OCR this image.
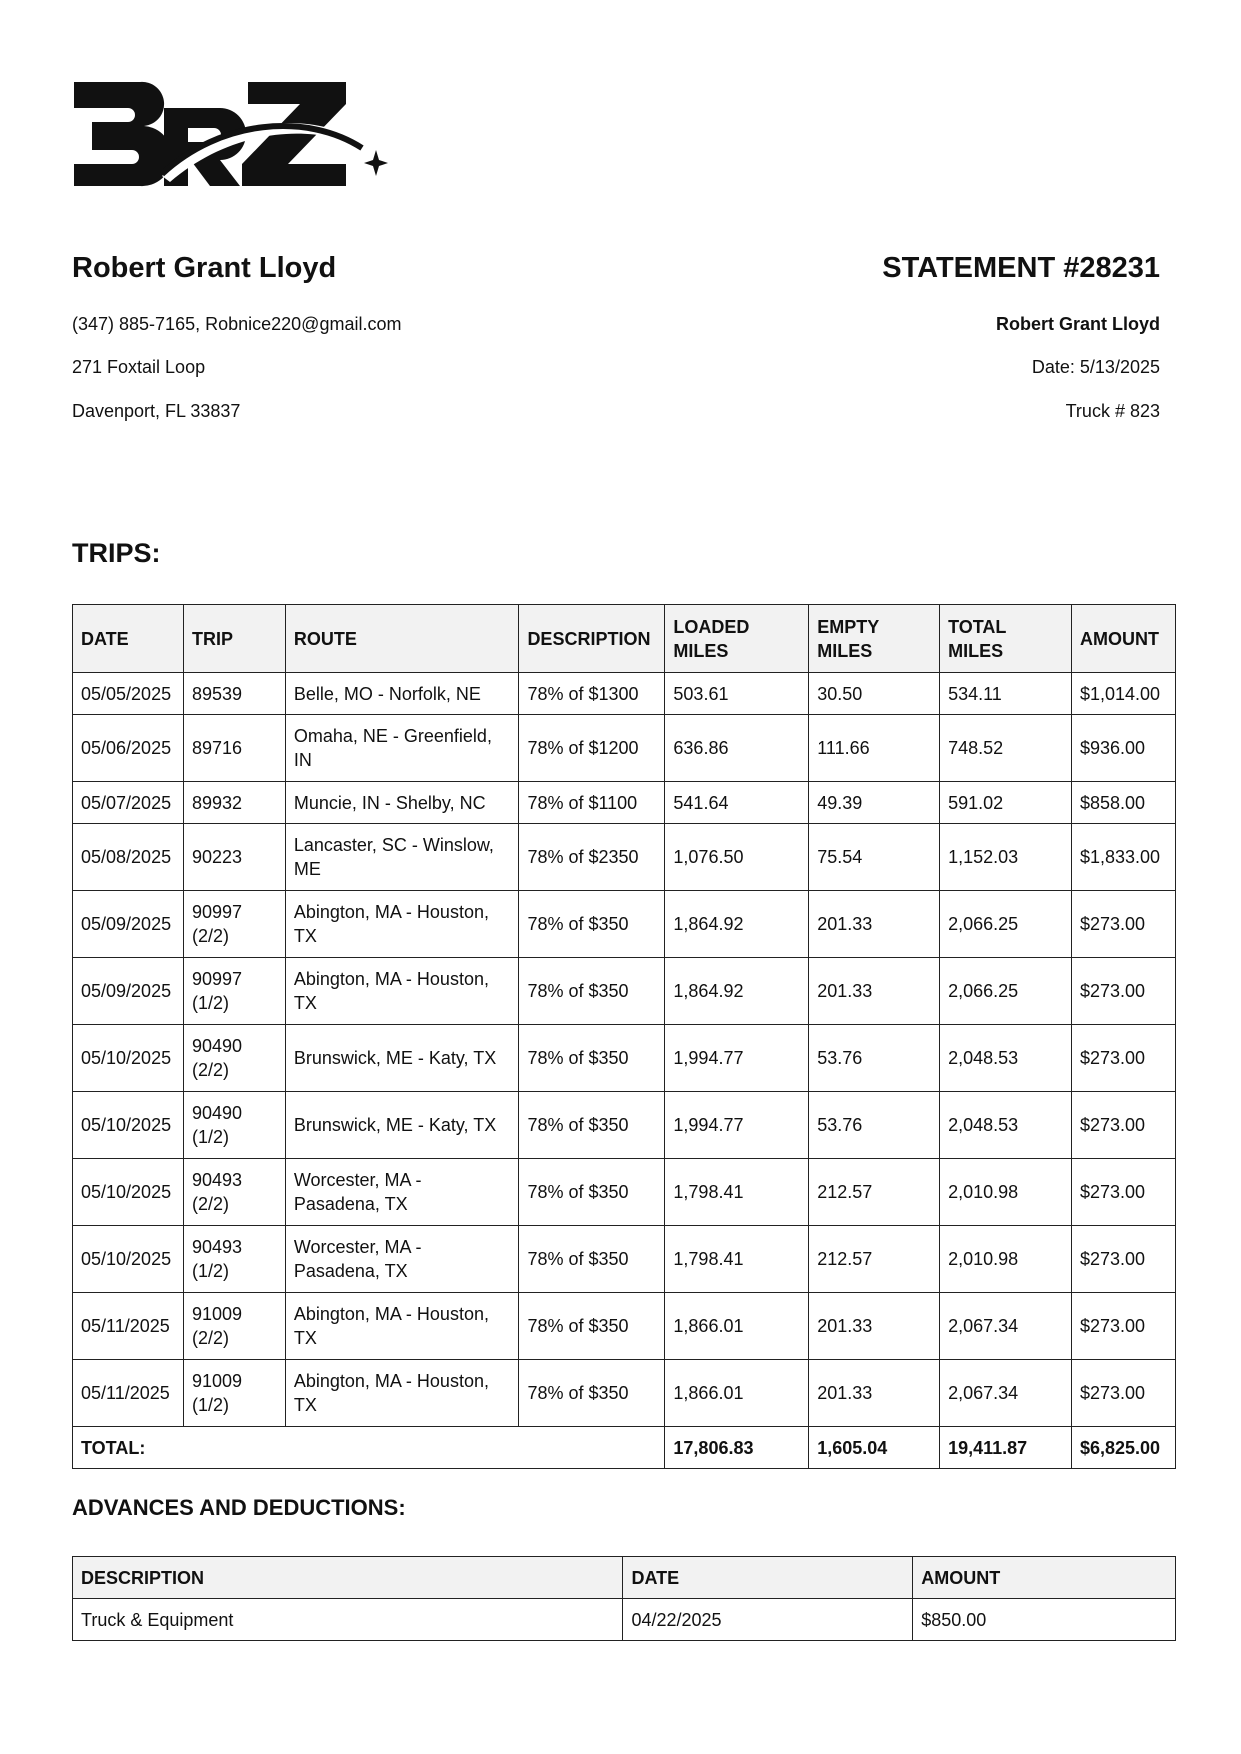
Robert Grant Lloyd	STATEMENT #28231
(347) 885-7165, Robnice220@gmail.com
271 Foxtail Loop
Davenport, FL 33837
Robert Grant Lloyd
Date: 5/13/2025
Truck # 823
TRIPS:
DATE	TRIP	ROUTE	DESCRIPTION	LOADED MILES	EMPTY MILES	TOTAL MILES	AMOUNT
05/05/2025	89539	Belle, MO - Norfolk, NE	78% of $1300	503.61	30.50	534.11	$1,014.00
05/06/2025	89716	Omaha, NE - Greenfield, IN	78% of $1200	636.86	111.66	748.52	$936.00
05/07/2025	89932	Muncie, IN - Shelby, NC	78% of $1100	541.64	49.39	591.02	$858.00
05/08/2025	90223	Lancaster, SC - Winslow, ME	78% of $2350	1,076.50	75.54	1,152.03	$1,833.00
05/09/2025	90997 (2/2)	Abington, MA - Houston, TX	78% of $350	1,864.92	201.33	2,066.25	$273.00
05/09/2025	90997 (1/2)	Abington, MA - Houston, TX	78% of $350	1,864.92	201.33	2,066.25	$273.00
05/10/2025	90490 (2/2)	Brunswick, ME - Katy, TX	78% of $350	1,994.77	53.76	2,048.53	$273.00
05/10/2025	90490 (1/2)	Brunswick, ME - Katy, TX	78% of $350	1,994.77	53.76	2,048.53	$273.00
05/10/2025	90493 (2/2)	Worcester, MA - Pasadena, TX	78% of $350	1,798.41	212.57	2,010.98	$273.00
05/10/2025	90493 (1/2)	Worcester, MA - Pasadena, TX	78% of $350	1,798.41	212.57	2,010.98	$273.00
05/11/2025	91009 (2/2)	Abington, MA - Houston, TX	78% of $350	1,866.01	201.33	2,067.34	$273.00
05/11/2025	91009 (1/2)	Abington, MA - Houston, TX	78% of $350	1,866.01	201.33	2,067.34	$273.00
TOTAL:				17,806.83	1,605.04	19,411.87	$6,825.00
ADVANCES AND DEDUCTIONS:
DESCRIPTION	DATE	AMOUNT
Truck & Equipment	04/22/2025	$850.00
